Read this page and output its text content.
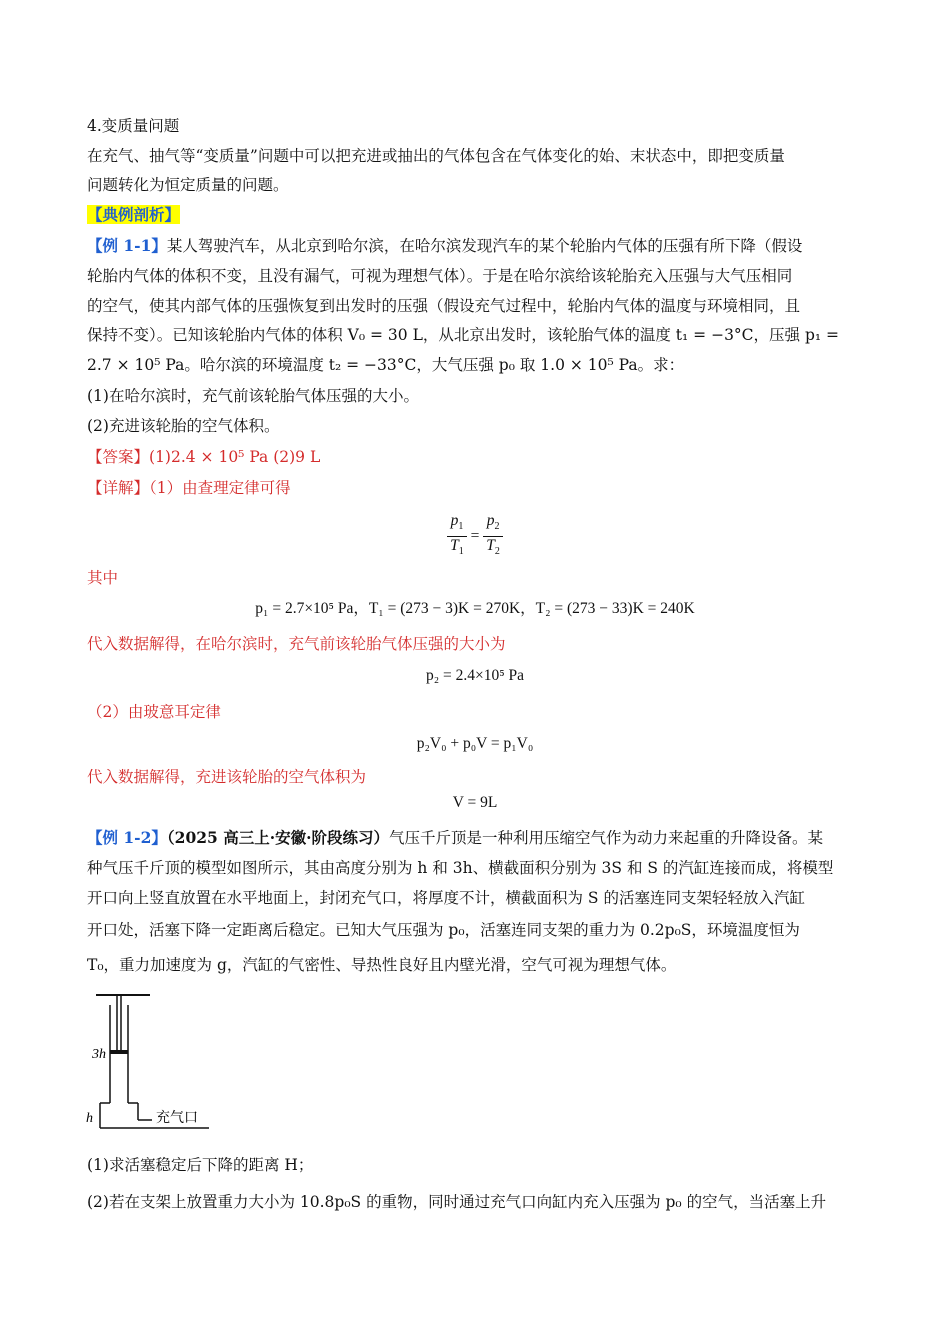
4.变质量问题
在充气、抽气等“变质量”问题中可以把充进或抽出的气体包含在气体变化的始、末状态中，即把变质量
问题转化为恒定质量的问题。
【典例剖析】
【例 1-1】某人驾驶汽车，从北京到哈尔滨，在哈尔滨发现汽车的某个轮胎内气体的压强有所下降（假设
轮胎内气体的体积不变，且没有漏气，可视为理想气体）。于是在哈尔滨给该轮胎充入压强与大气压相同
的空气，使其内部气体的压强恢复到出发时的压强（假设充气过程中，轮胎内气体的温度与环境相同，且
保持不变）。已知该轮胎内气体的体积 V₀ = 30 L，从北京出发时，该轮胎气体的温度 t₁ = −3°C，压强 p₁ =
2.7 × 10⁵ Pa。哈尔滨的环境温度 t₂ = −33°C，大气压强 p₀ 取 1.0 × 10⁵ Pa。求：
(1)在哈尔滨时，充气前该轮胎气体压强的大小。
(2)充进该轮胎的空气体积。
【答案】(1)2.4 × 10⁵ Pa (2)9 L
【详解】（1）由查理定律可得
$\frac{p_1}{T_1} = \frac{p_2}{T_2}$
其中
p₁ = 2.7×10⁵ Pa，T₁ = (273 − 3)K = 270K，T₂ = (273 − 33)K = 240K
代入数据解得，在哈尔滨时，充气前该轮胎气体压强的大小为
p₂ = 2.4×10⁵ Pa
（2）由玻意耳定律
p₂V₀ + p₀V = p₁V₀
代入数据解得，充进该轮胎的空气体积为
V = 9L
【例 1-2】（2025 高三上·安徽·阶段练习）气压千斤顶是一种利用压缩空气作为动力来起重的升降设备。某
种气压千斤顶的模型如图所示，其由高度分别为 h 和 3h、横截面积分别为 3S 和 S 的汽缸连接而成，将模型
开口向上竖直放置在水平地面上，封闭充气口，将厚度不计，横截面积为 S 的活塞连同支架轻轻放入汽缸
开口处，活塞下降一定距离后稳定。已知大气压强为 p₀，活塞连同支架的重力为 0.2p₀S，环境温度恒为
T₀，重力加速度为 g，汽缸的气密性、导热性良好且内壁光滑，空气可视为理想气体。
3h
h	充气口
(1)求活塞稳定后下降的距离 H；
(2)若在支架上放置重力大小为 10.8p₀S 的重物，同时通过充气口向缸内充入压强为 p₀ 的空气，当活塞上升
